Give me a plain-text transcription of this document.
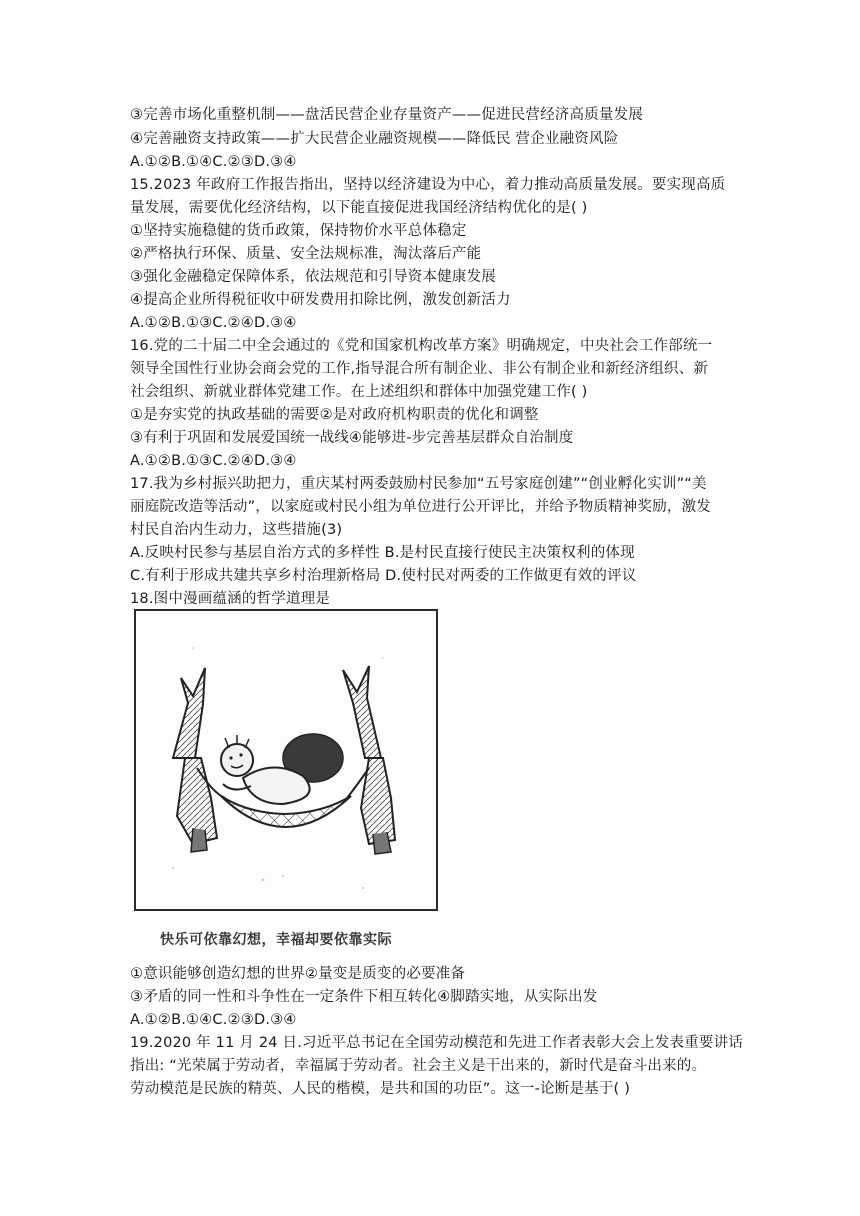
③完善市场化重整机制——盘活民营企业存量资产——促进民营经济高质量发展
④完善融资支持政策——扩大民营企业融资规模——降低民 营企业融资风险
A.①②B.①④C.②③D.③④
15.2023 年政府工作报告指出，坚持以经济建设为中心，着力推动高质量发展。要实现高质
量发展，需要优化经济结构，以下能直接促进我国经济结构优化的是( )
①坚持实施稳健的货币政策，保持物价水平总体稳定
②严格执行环保、质量、安全法规标准，淘汰落后产能
③强化金融稳定保障体系，依法规范和引导资本健康发展
④提高企业所得税征收中研发费用扣除比例，激发创新活力
A.①②B.①③C.②④D.③④
16.党的二十届二中全会通过的《党和国家机构改革方案》明确规定，中央社会工作部统一
领导全国性行业协会商会党的工作,指导混合所有制企业、非公有制企业和新经济组织、新
社会组织、新就业群体党建工作。在上述组织和群体中加强党建工作( )
①是夯实党的执政基础的需要②是对政府机构职责的优化和调整
③有利于巩固和发展爱国统一战线④能够进-步完善基层群众自治制度
A.①②B.①③C.②④D.③④
17.我为乡村振兴助把力，重庆某村两委鼓励村民参加“五号家庭创建”“创业孵化实训”“美
丽庭院改造等活动”，以家庭或村民小组为单位进行公开评比，并给予物质精神奖励，激发
村民自治内生动力，这些措施(3)
A.反映村民参与基层自治方式的多样性 B.是村民直接行使民主决策权利的体现
C.有利于形成共建共享乡村治理新格局 D.使村民对两委的工作做更有效的评议
18.图中漫画蕴涵的哲学道理是
快乐可依靠幻想，幸福却要依靠实际
①意识能够创造幻想的世界②量变是质变的必要准备
③矛盾的同一性和斗争性在一定条件下相互转化④脚踏实地，从实际出发
A.①②B.①④C.②③D.③④
19.2020 年 11 月 24 日.习近平总书记在全国劳动模范和先进工作者表彰大会上发表重要讲话
指出: “光荣属于劳动者，幸福属于劳动者。社会主义是干出来的，新时代是奋斗出来的。
劳动模范是民族的精英、人民的楷模，是共和国的功臣”。这一-论断是基于( )
